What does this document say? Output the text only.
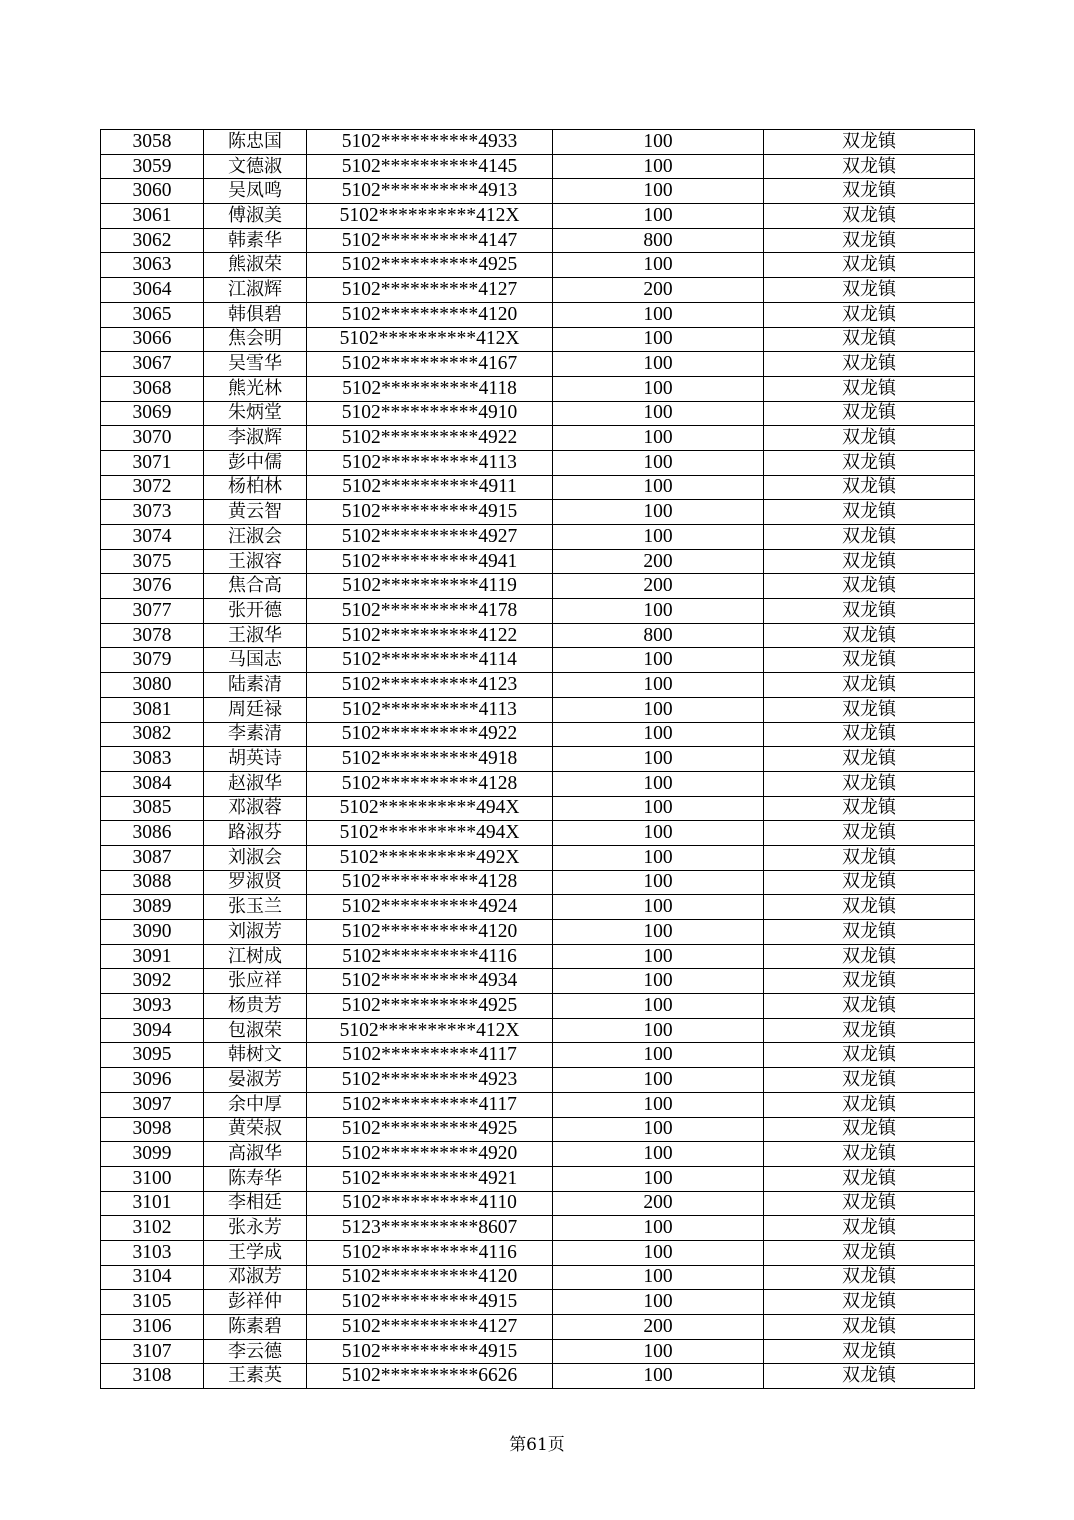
3058	陈忠国	5102**********4933	100	双龙镇
3059	文德淑	5102**********4145	100	双龙镇
3060	吴凤鸣	5102**********4913	100	双龙镇
3061	傅淑美	5102**********412X	100	双龙镇
3062	韩素华	5102**********4147	800	双龙镇
3063	熊淑荣	5102**********4925	100	双龙镇
3064	江淑辉	5102**********4127	200	双龙镇
3065	韩俱碧	5102**********4120	100	双龙镇
3066	焦会明	5102**********412X	100	双龙镇
3067	吴雪华	5102**********4167	100	双龙镇
3068	熊光林	5102**********4118	100	双龙镇
3069	朱炳堂	5102**********4910	100	双龙镇
3070	李淑辉	5102**********4922	100	双龙镇
3071	彭中儒	5102**********4113	100	双龙镇
3072	杨柏林	5102**********4911	100	双龙镇
3073	黄云智	5102**********4915	100	双龙镇
3074	汪淑会	5102**********4927	100	双龙镇
3075	王淑容	5102**********4941	200	双龙镇
3076	焦合高	5102**********4119	200	双龙镇
3077	张开德	5102**********4178	100	双龙镇
3078	王淑华	5102**********4122	800	双龙镇
3079	马国志	5102**********4114	100	双龙镇
3080	陆素清	5102**********4123	100	双龙镇
3081	周廷禄	5102**********4113	100	双龙镇
3082	李素清	5102**********4922	100	双龙镇
3083	胡英诗	5102**********4918	100	双龙镇
3084	赵淑华	5102**********4128	100	双龙镇
3085	邓淑蓉	5102**********494X	100	双龙镇
3086	路淑芬	5102**********494X	100	双龙镇
3087	刘淑会	5102**********492X	100	双龙镇
3088	罗淑贤	5102**********4128	100	双龙镇
3089	张玉兰	5102**********4924	100	双龙镇
3090	刘淑芳	5102**********4120	100	双龙镇
3091	江树成	5102**********4116	100	双龙镇
3092	张应祥	5102**********4934	100	双龙镇
3093	杨贵芳	5102**********4925	100	双龙镇
3094	包淑荣	5102**********412X	100	双龙镇
3095	韩树文	5102**********4117	100	双龙镇
3096	晏淑芳	5102**********4923	100	双龙镇
3097	余中厚	5102**********4117	100	双龙镇
3098	黄荣叔	5102**********4925	100	双龙镇
3099	高淑华	5102**********4920	100	双龙镇
3100	陈寿华	5102**********4921	100	双龙镇
3101	李相廷	5102**********4110	200	双龙镇
3102	张永芳	5123**********8607	100	双龙镇
3103	王学成	5102**********4116	100	双龙镇
3104	邓淑芳	5102**********4120	100	双龙镇
3105	彭祥仲	5102**********4915	100	双龙镇
3106	陈素碧	5102**********4127	200	双龙镇
3107	李云德	5102**********4915	100	双龙镇
3108	王素英	5102**********6626	100	双龙镇
第61页
